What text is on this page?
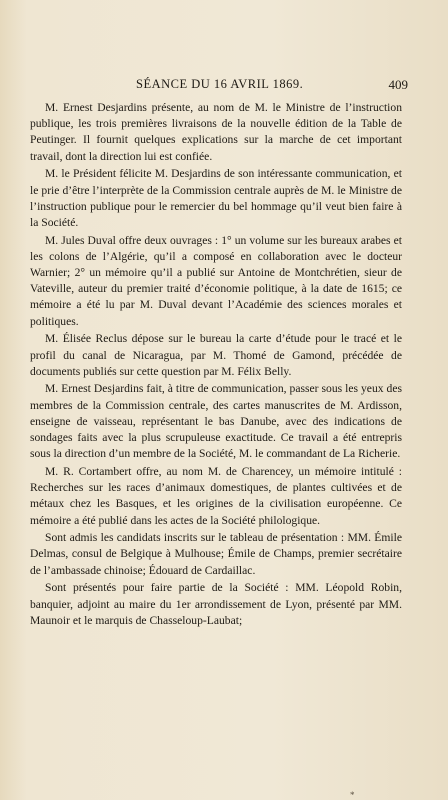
SÉANCE DU 16 AVRIL 1869.	409

M. Ernest Desjardins présente, au nom de M. le Ministre de l’instruction publique, les trois premières livraisons de la nouvelle édition de la Table de Peutinger. Il fournit quelques explications sur la marche de cet important travail, dont la direction lui est confiée.

M. le Président félicite M. Desjardins de son intéressante communication, et le prie d’être l’interprète de la Commission centrale auprès de M. le Ministre de l’instruction publique pour le remercier du bel hommage qu’il veut bien faire à la Société.

M. Jules Duval offre deux ouvrages : 1° un volume sur les bureaux arabes et les colons de l’Algérie, qu’il a composé en collaboration avec le docteur Warnier; 2° un mémoire qu’il a publié sur Antoine de Montchrétien, sieur de Vateville, auteur du premier traité d’économie politique, à la date de 1615; ce mémoire a été lu par M. Duval devant l’Académie des sciences morales et politiques.

M. Élisée Reclus dépose sur le bureau la carte d’étude pour le tracé et le profil du canal de Nicaragua, par M. Thomé de Gamond, précédée de documents publiés sur cette question par M. Félix Belly.

M. Ernest Desjardins fait, à titre de communication, passer sous les yeux des membres de la Commission centrale, des cartes manuscrites de M. Ardisson, enseigne de vaisseau, représentant le bas Danube, avec des indications de sondages faits avec la plus scrupuleuse exactitude. Ce travail a été entrepris sous la direction d’un membre de la Société, M. le commandant de La Richerie.

M. R. Cortambert offre, au nom M. de Charencey, un mémoire intitulé : Recherches sur les races d’animaux domestiques, de plantes cultivées et de métaux chez les Basques, et les origines de la civilisation européenne. Ce mémoire a été publié dans les actes de la Société philologique.

Sont admis les candidats inscrits sur le tableau de présentation : MM. Émile Delmas, consul de Belgique à Mulhouse; Émile de Champs, premier secrétaire de l’ambassade chinoise; Édouard de Cardaillac.

Sont présentés pour faire partie de la Société : MM. Léopold Robin, banquier, adjoint au maire du 1er arrondissement de Lyon, présenté par MM. Maunoir et le marquis de Chasseloup-Laubat;

*
